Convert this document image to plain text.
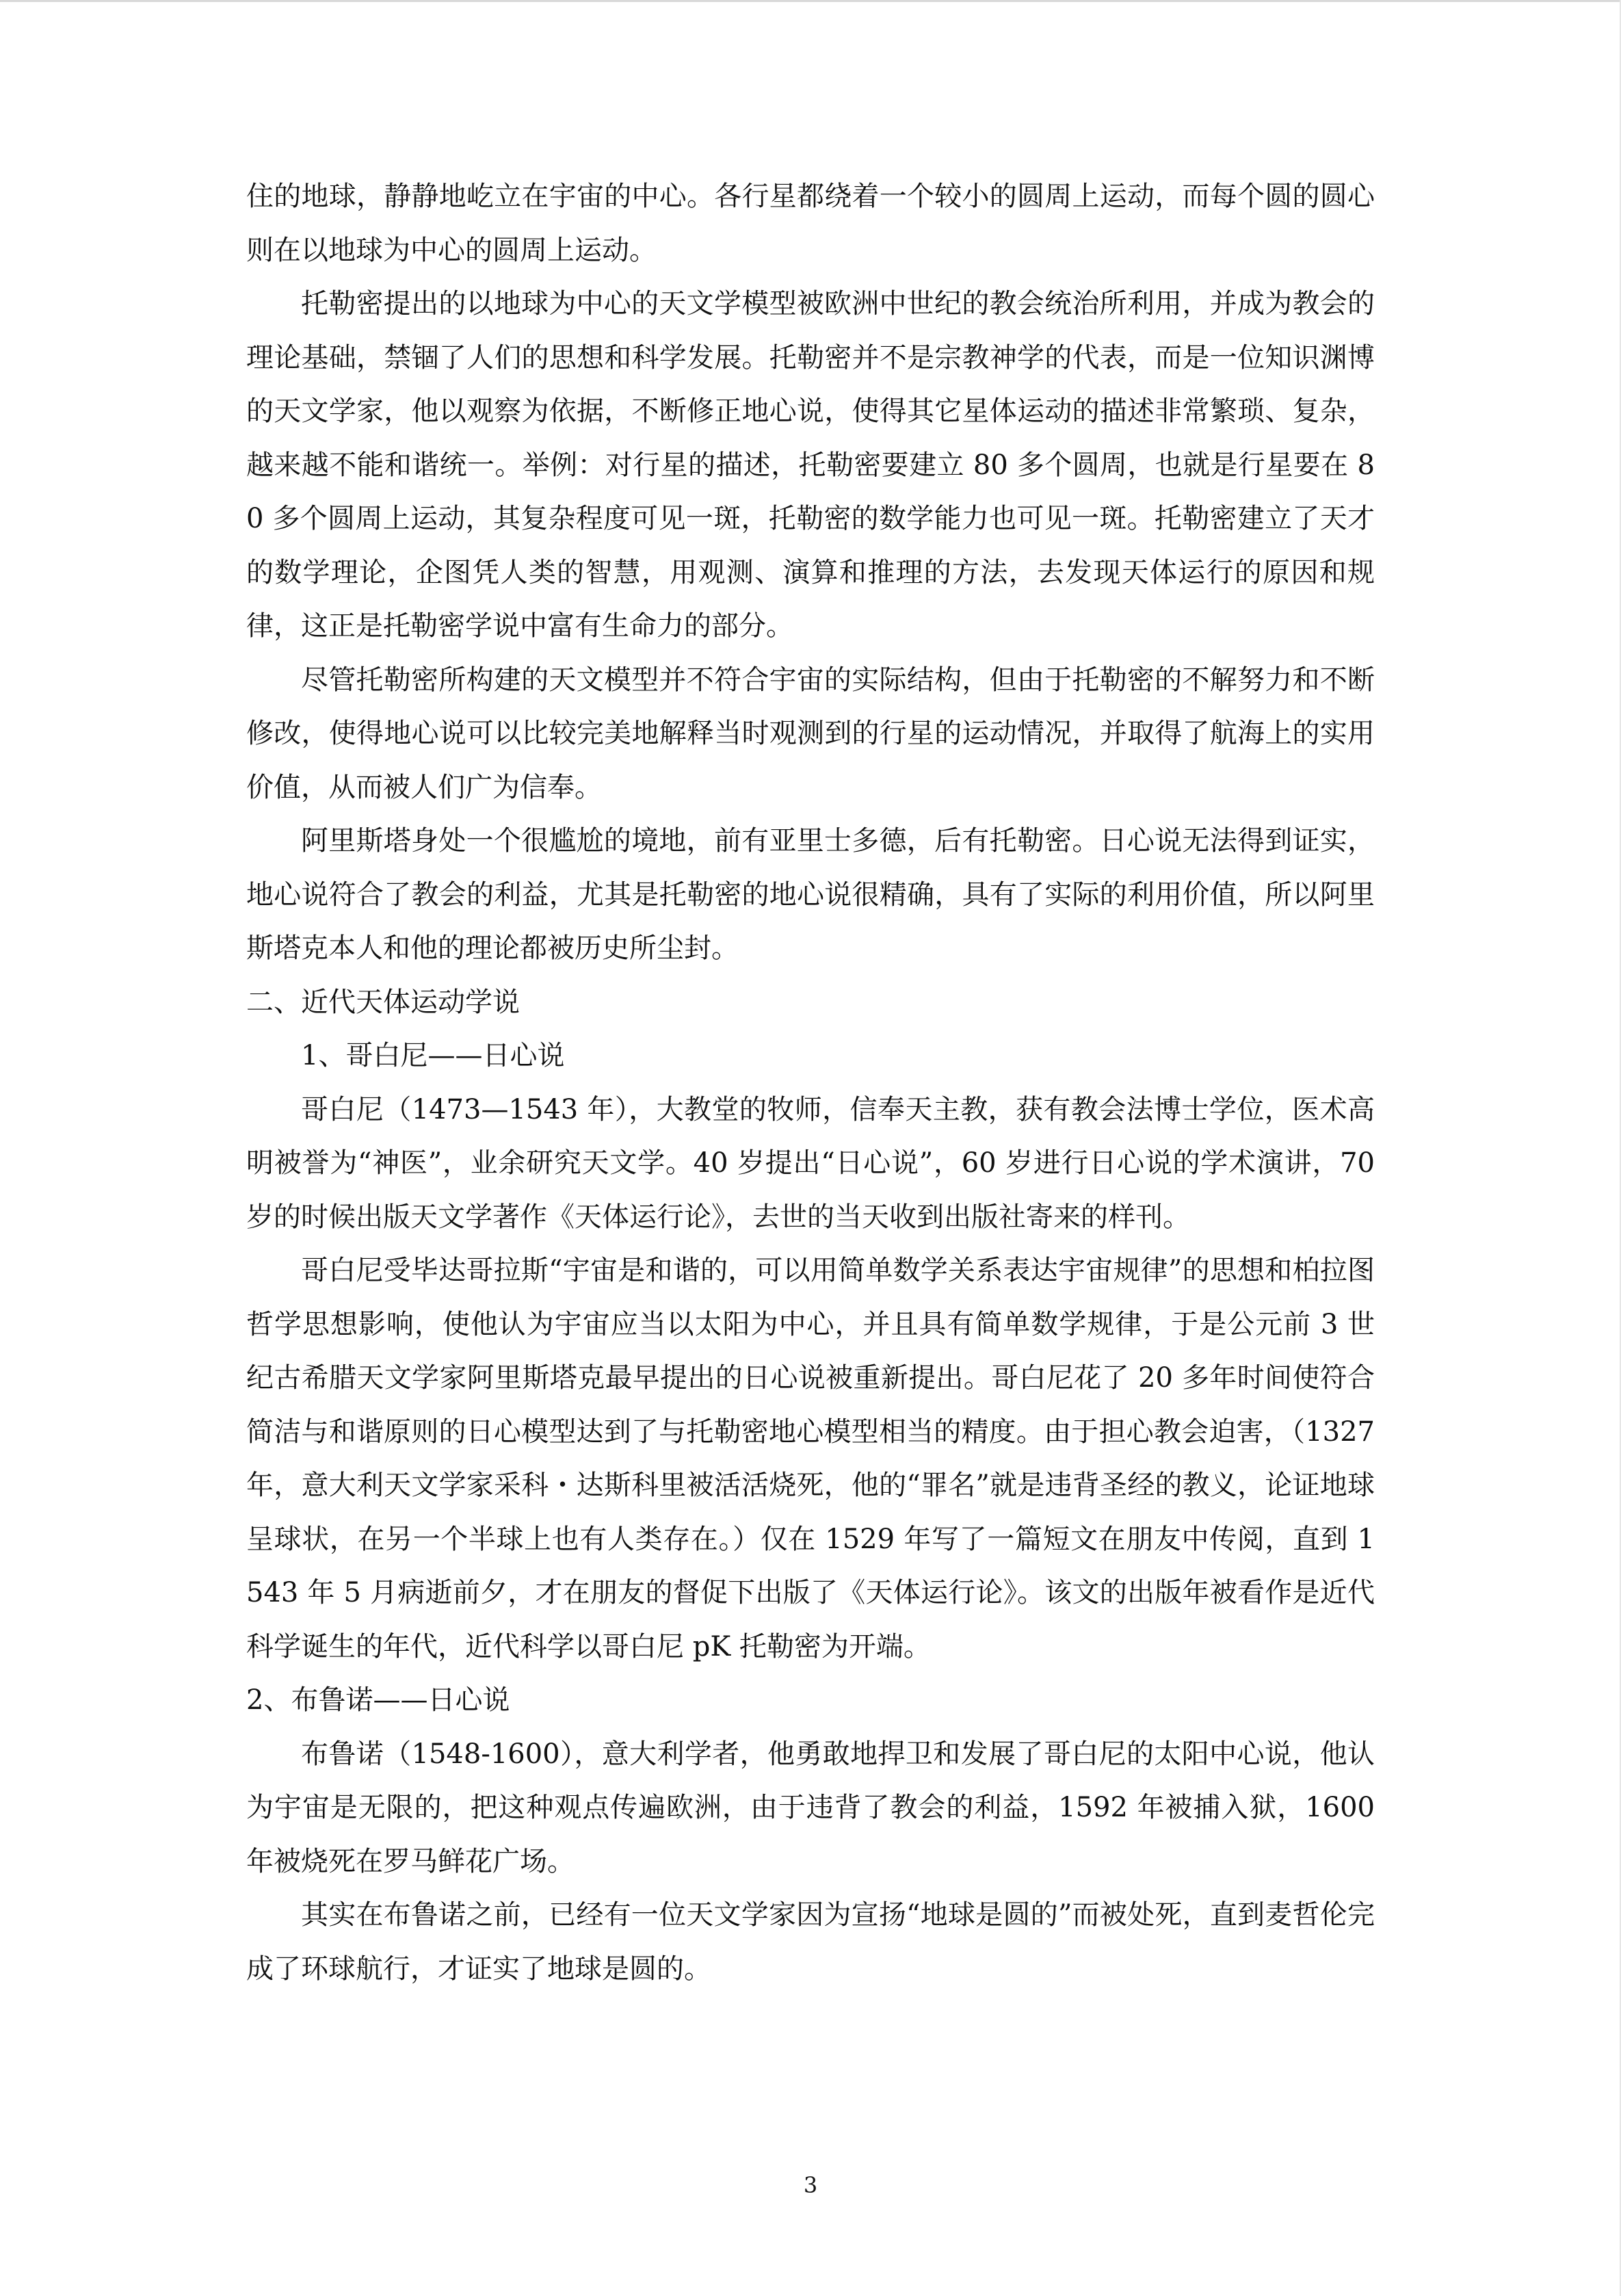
住的地球，静静地屹立在宇宙的中心。各行星都绕着一个较小的圆周上运动，而每个圆的圆心则在以地球为中心的圆周上运动。

托勒密提出的以地球为中心的天文学模型被欧洲中世纪的教会统治所利用，并成为教会的理论基础，禁锢了人们的思想和科学发展。托勒密并不是宗教神学的代表，而是一位知识渊博的天文学家，他以观察为依据，不断修正地心说，使得其它星体运动的描述非常繁琐、复杂，越来越不能和谐统一。举例：对行星的描述，托勒密要建立 80 多个圆周，也就是行星要在 80 多个圆周上运动，其复杂程度可见一斑，托勒密的数学能力也可见一斑。托勒密建立了天才的数学理论，企图凭人类的智慧，用观测、演算和推理的方法，去发现天体运行的原因和规律，这正是托勒密学说中富有生命力的部分。

尽管托勒密所构建的天文模型并不符合宇宙的实际结构，但由于托勒密的不解努力和不断修改，使得地心说可以比较完美地解释当时观测到的行星的运动情况，并取得了航海上的实用价值，从而被人们广为信奉。

阿里斯塔身处一个很尴尬的境地，前有亚里士多德，后有托勒密。日心说无法得到证实，地心说符合了教会的利益，尤其是托勒密的地心说很精确，具有了实际的利用价值，所以阿里斯塔克本人和他的理论都被历史所尘封。

二、近代天体运动学说

1、哥白尼——日心说

哥白尼（1473—1543 年），大教堂的牧师，信奉天主教，获有教会法博士学位，医术高明被誉为“神医”，业余研究天文学。40 岁提出“日心说”，60 岁进行日心说的学术演讲，70 岁的时候出版天文学著作《天体运行论》，去世的当天收到出版社寄来的样刊。

哥白尼受毕达哥拉斯“宇宙是和谐的，可以用简单数学关系表达宇宙规律”的思想和柏拉图哲学思想影响，使他认为宇宙应当以太阳为中心，并且具有简单数学规律，于是公元前 3 世纪古希腊天文学家阿里斯塔克最早提出的日心说被重新提出。哥白尼花了 20 多年时间使符合简洁与和谐原则的日心模型达到了与托勒密地心模型相当的精度。由于担心教会迫害，（1327 年，意大利天文学家采科・达斯科里被活活烧死，他的“罪名”就是违背圣经的教义，论证地球呈球状，在另一个半球上也有人类存在。）仅在 1529 年写了一篇短文在朋友中传阅，直到 1543 年 5 月病逝前夕，才在朋友的督促下出版了《天体运行论》。该文的出版年被看作是近代科学诞生的年代，近代科学以哥白尼 pK 托勒密为开端。

2、布鲁诺——日心说

布鲁诺（1548-1600），意大利学者，他勇敢地捍卫和发展了哥白尼的太阳中心说，他认为宇宙是无限的，把这种观点传遍欧洲，由于违背了教会的利益，1592 年被捕入狱，1600 年被烧死在罗马鲜花广场。

其实在布鲁诺之前，已经有一位天文学家因为宣扬“地球是圆的”而被处死，直到麦哲伦完成了环球航行，才证实了地球是圆的。

3
